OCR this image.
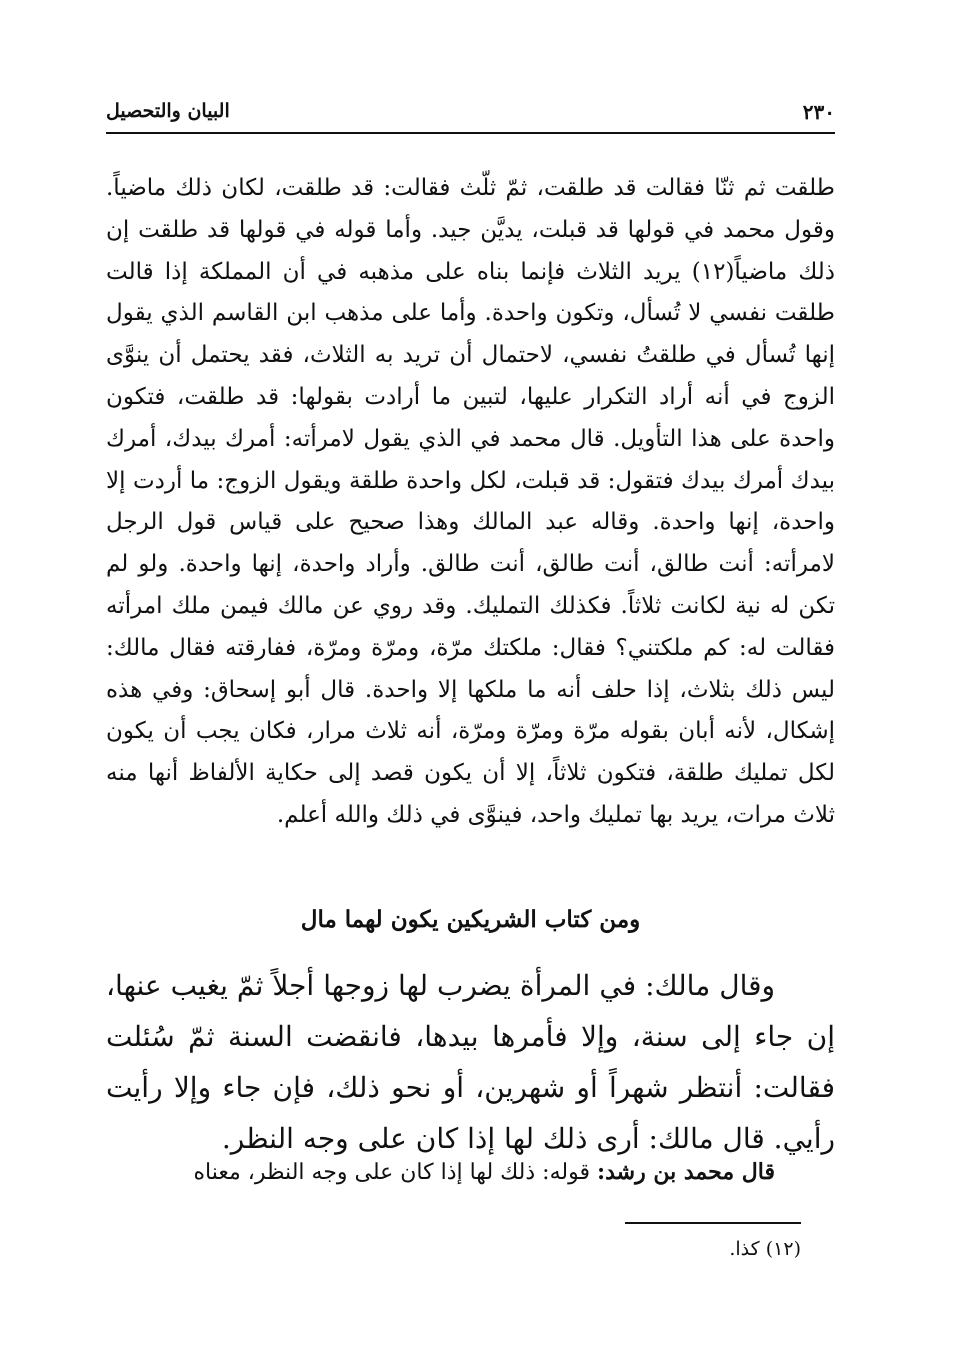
٢٣٠
البيان والتحصيل

طلقت ثم ثنّا فقالت قد طلقت، ثمّ ثلّث فقالت: قد طلقت، لكان ذلك ماضياً. وقول محمد في قولها قد قبلت، يديَّن جيد. وأما قوله في قولها قد طلقت إن ذلك ماضياً(١٢) يريد الثلاث فإنما بناه على مذهبه في أن المملكة إذا قالت طلقت نفسي لا تُسأل، وتكون واحدة. وأما على مذهب ابن القاسم الذي يقول إنها تُسأل في طلقتُ نفسي، لاحتمال أن تريد به الثلاث، فقد يحتمل أن ينوَّى الزوج في أنه أراد التكرار عليها، لتبين ما أرادت بقولها: قد طلقت، فتكون واحدة على هذا التأويل. قال محمد في الذي يقول لامرأته: أمرك بيدك، أمرك بيدك أمرك بيدك فتقول: قد قبلت، لكل واحدة طلقة ويقول الزوج: ما أردت إلا واحدة، إنها واحدة. وقاله عبد المالك وهذا صحيح على قياس قول الرجل لامرأته: أنت طالق، أنت طالق، أنت طالق. وأراد واحدة، إنها واحدة. ولو لم تكن له نية لكانت ثلاثاً. فكذلك التمليك. وقد روي عن مالك فيمن ملك امرأته فقالت له: كم ملكتني؟ فقال: ملكتك مرّة، ومرّة ومرّة، ففارقته فقال مالك: ليس ذلك بثلاث، إذا حلف أنه ما ملكها إلا واحدة. قال أبو إسحاق: وفي هذه إشكال، لأنه أبان بقوله مرّة ومرّة ومرّة، أنه ثلاث مرار، فكان يجب أن يكون لكل تمليك طلقة، فتكون ثلاثاً، إلا أن يكون قصد إلى حكاية الألفاظ أنها منه ثلاث مرات، يريد بها تمليك واحد، فينوَّى في ذلك والله أعلم.

ومن كتاب الشريكين يكون لهما مال

وقال مالك: في المرأة يضرب لها زوجها أجلاً ثمّ يغيب عنها، إن جاء إلى سنة، وإلا فأمرها بيدها، فانقضت السنة ثمّ سُئلت فقالت: أنتظر شهراً أو شهرين، أو نحو ذلك، فإن جاء وإلا رأيت رأيي. قال مالك: أرى ذلك لها إذا كان على وجه النظر.

قال محمد بن رشد: قوله: ذلك لها إذا كان على وجه النظر، معناه
(١٢) كذا.
